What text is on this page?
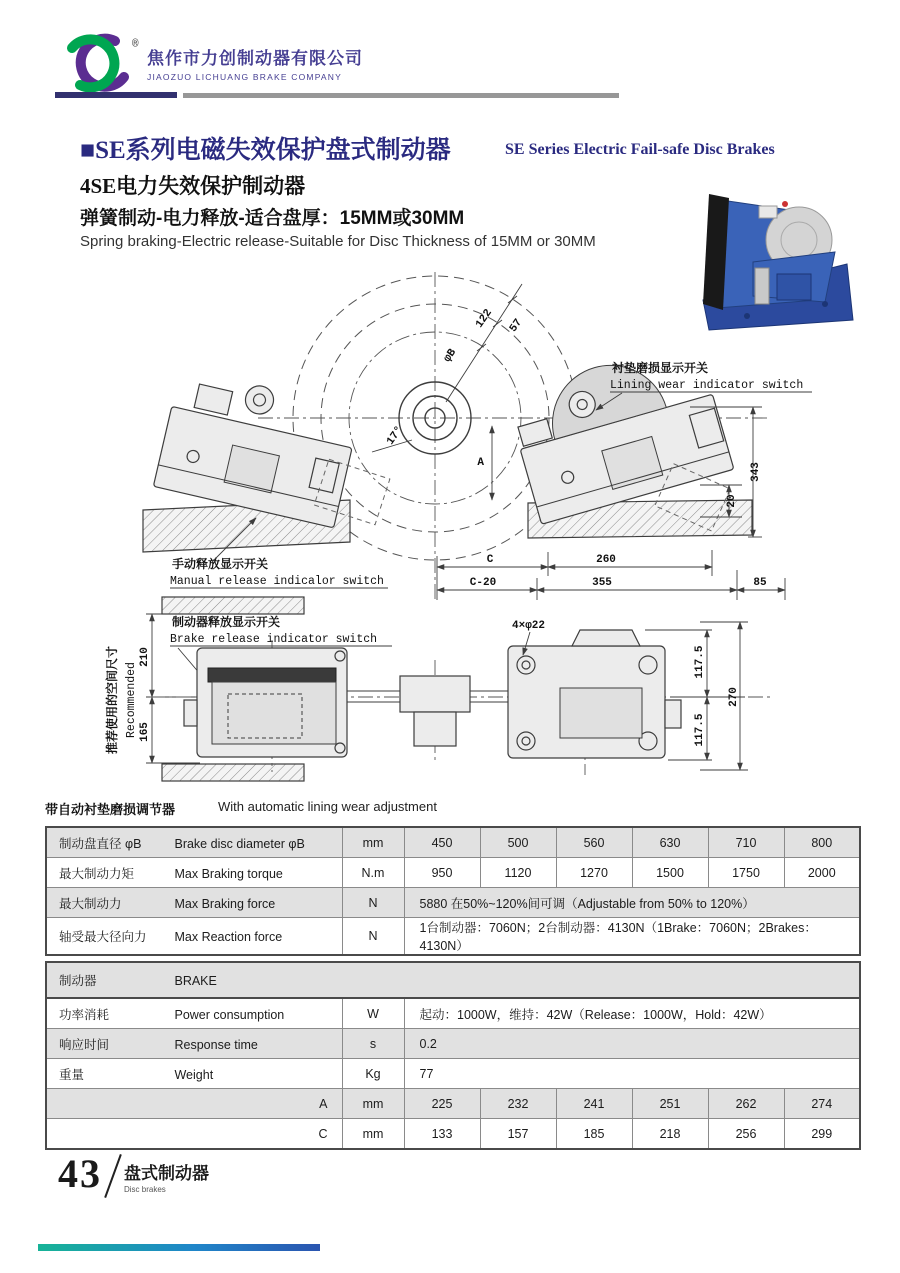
®
焦作市力创制动器有限公司
JIAOZUO LICHUANG BRAKE COMPANY
■SE系列电磁失效保护盘式制动器	SE Series Electric Fail-safe Disc Brakes
4SE电力失效保护制动器
弹簧制动-电力释放-适合盘厚：15MM或30MM
Spring braking-Electric release-Suitable for Disc Thickness of 15MM or 30MM
φB
122 57
17°
A
衬垫磨损显示开关
Lining wear indicator switch
手动释放显示开关
Manual release indicalor switch
343
20
C	260
C-20	355	85
推荐使用的空间尺寸 Recommended
210
165
制动器释放显示开关
Brake release indicator switch
4×φ22
117.5
117.5
270
带自动衬垫磨损调节器	With automatic lining wear adjustment
制动盘直径 φB Brake disc diameter φB	mm	450	500	560	630	710	800
最大制动力矩 Max Braking torque	N.m	950	1120	1270	1500	1750	2000
最大制动力 Max Braking force	N	5880 在50%~120%间可调（Adjustable from 50% to 120%）					
轴受最大径向力 Max Reaction force	N	1台制动器：7060N；2台制动器：4130N（1Brake：7060N；2Brakes：4130N）					
制动器 BRAKE							
功率消耗 Power consumption	W	起动：1000W，维持：42W（Release：1000W，Hold：42W）					
响应时间 Response time	s	0.2					
重量 Weight	Kg	77					
A	mm	225	232	241	251	262	274
C	mm	133	157	185	218	256	299
43 盘式制动器
Disc brakes
